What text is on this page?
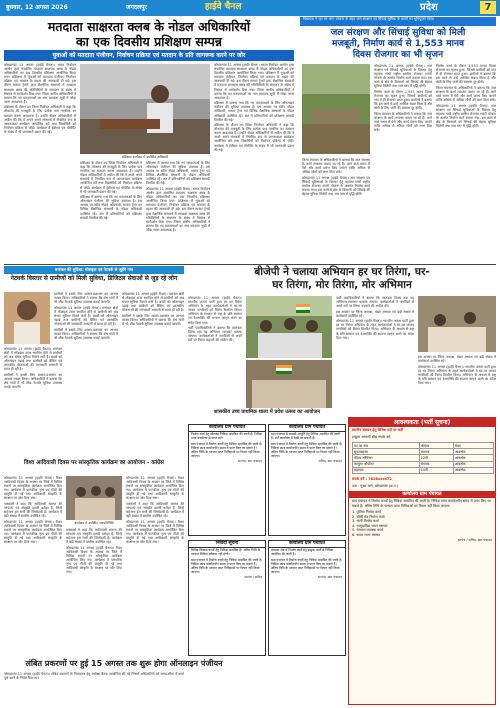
बुधवार, 12 अगस्त 2026	जगदलपुर	हाईवे चैनल	प्रदेश	7
मतदाता साक्षरता क्लब के नोडल अधिकारियों
का एक दिवसीय प्रशिक्षण सम्पन्न
युवाओं को मतदाता पंजीयन, निर्वाचन प्रक्रिया एवं मतदान के प्रति जागरूक करने पर जोर

कोण्डागांव 11 अगस्त (हाईवे चैनल)। भारत निर्वाचन आयोग द्वारा संचालित मतदाता साक्षरता क्लब के नोडल अधिकारियों का एक दिवसीय प्रशिक्षण आयोजित किया गया। प्रशिक्षण में युवाओं को मतदाता पंजीयन, निर्वाचन प्रक्रिया एवं मतदान के महत्व की जानकारी दी गई। इस दौरान मास्टर ट्रेनरों द्वारा शैक्षणिक संस्थानों में मतदाता साक्षरता क्लब की गतिविधियों के संचालन के संबंध में विस्तार से मार्गदर्शन दिया गया। जिला स्तरीय अधिकारियों ने बताया कि नए मतदाताओं का नाम मतदाता सूची में जोड़ा जाना आवश्यक है।

प्रशिक्षण के दौरान उप जिला निर्वाचन अधिकारी ने कहा कि लोकतंत्र की मजबूती के लिए प्रत्येक पात्र नागरिक का मतदान करना आवश्यक है। उन्होंने नोडल अधिकारियों से अपील की कि वे अपने अपने संस्थानों में नियमित रूप से जागरूकता कार्यक्रम आयोजित करें तथा विद्यार्थियों को निर्वाचन प्रक्रिया से जोड़ें। कार्यक्रम में ईवीएम एवं वीवीपैट के संबंध में भी जानकारी प्रदान की गई।

प्रशिक्षण कार्यक्रम में उपस्थित अधिकारी

प्रशिक्षण के दौरान उप जिला निर्वाचन अधिकारी ने कहा कि लोकतंत्र की मजबूती के लिए प्रत्येक पात्र नागरिक का मतदान करना आवश्यक है। उन्होंने नोडल अधिकारियों से अपील की कि वे अपने अपने संस्थानों में नियमित रूप से जागरूकता कार्यक्रम आयोजित करें तथा विद्यार्थियों को निर्वाचन प्रक्रिया से जोड़ें। कार्यक्रम में ईवीएम एवं वीवीपैट के संबंध में भी जानकारी प्रदान की गई।

प्रशिक्षण में बताया गया कि नए मतदाताओं के लिए ऑनलाइन पंजीयन की सुविधा उपलब्ध है। इस अवसर पर स्वीप नोडल अधिकारी, मास्टर ट्रेनर एवं विभिन्न शैक्षणिक संस्थानों के नोडल अधिकारी उपस्थित रहे। अंत में प्रतिभागियों को प्रशिक्षण सामग्री वितरित की गई।

प्रशिक्षण में बताया गया कि नए मतदाताओं के लिए ऑनलाइन पंजीयन की सुविधा उपलब्ध है। इस अवसर पर स्वीप नोडल अधिकारी, मास्टर ट्रेनर एवं विभिन्न शैक्षणिक संस्थानों के नोडल अधिकारी उपस्थित रहे। अंत में प्रतिभागियों को प्रशिक्षण सामग्री वितरित की गई।

कोण्डागांव 11 अगस्त (हाईवे चैनल)। भारत निर्वाचन आयोग द्वारा संचालित मतदाता साक्षरता क्लब के नोडल अधिकारियों का एक दिवसीय प्रशिक्षण आयोजित किया गया। प्रशिक्षण में युवाओं को मतदाता पंजीयन, निर्वाचन प्रक्रिया एवं मतदान के महत्व की जानकारी दी गई। इस दौरान मास्टर ट्रेनरों द्वारा शैक्षणिक संस्थानों में मतदाता साक्षरता क्लब की गतिविधियों के संचालन के संबंध में विस्तार से मार्गदर्शन दिया गया। जिला स्तरीय अधिकारियों ने बताया कि नए मतदाताओं का नाम मतदाता सूची में जोड़ा जाना आवश्यक है।

कोण्डागांव 11 अगस्त (हाईवे चैनल)। भारत निर्वाचन आयोग द्वारा संचालित मतदाता साक्षरता क्लब के नोडल अधिकारियों का एक दिवसीय प्रशिक्षण आयोजित किया गया। प्रशिक्षण में युवाओं को मतदाता पंजीयन, निर्वाचन प्रक्रिया एवं मतदान के महत्व की जानकारी दी गई। इस दौरान मास्टर ट्रेनरों द्वारा शैक्षणिक संस्थानों में मतदाता साक्षरता क्लब की गतिविधियों के संचालन के संबंध में विस्तार से मार्गदर्शन दिया गया। जिला स्तरीय अधिकारियों ने बताया कि नए मतदाताओं का नाम मतदाता सूची में जोड़ा जाना आवश्यक है।

प्रशिक्षण में बताया गया कि नए मतदाताओं के लिए ऑनलाइन पंजीयन की सुविधा उपलब्ध है। इस अवसर पर स्वीप नोडल अधिकारी, मास्टर ट्रेनर एवं विभिन्न शैक्षणिक संस्थानों के नोडल अधिकारी उपस्थित रहे। अंत में प्रतिभागियों को प्रशिक्षण सामग्री वितरित की गई।

प्रशिक्षण के दौरान उप जिला निर्वाचन अधिकारी ने कहा कि लोकतंत्र की मजबूती के लिए प्रत्येक पात्र नागरिक का मतदान करना आवश्यक है। उन्होंने नोडल अधिकारियों से अपील की कि वे अपने अपने संस्थानों में नियमित रूप से जागरूकता कार्यक्रम आयोजित करें तथा विद्यार्थियों को निर्वाचन प्रक्रिया से जोड़ें। कार्यक्रम में ईवीएम एवं वीवीपैट के संबंध में भी जानकारी प्रदान की गई।

विधायक ने 'हर घर जल' योजना के तहत जल संरक्षण एवं सिंचाई सुविधा के कार्यों का भूमिपूजन किया
जल संरक्षण और सिंचाई सुविधा को मिली
मजबूती, निर्माण कार्य से 1,553 मानव
दिवस रोजगार का भी सृजन

कोण्डागांव 11 अगस्त (हाईवे चैनल)। जल संरक्षण एवं सिंचाई सुविधाओं के विस्तार हेतु महात्मा गांधी राष्ट्रीय ग्रामीण रोजगार गारंटी योजना के अंतर्गत निर्माण कार्य कराया गया। इस कार्य से क्षेत्र के किसानों को सिंचाई की बेहतर सुविधा मिलेगी तथा जल स्तर में वृद्धि होगी।

निर्माण कार्य के दौरान 1,553 मानव दिवस रोजगार का सृजन हुआ, जिससे ग्रामीणों को गांव में ही रोजगार प्राप्त हुआ। ग्रामीणों ने बताया कि इस कार्य से उन्हें आर्थिक संबल मिला है और खेती के लिए पानी की समस्या दूर होगी।

जिला पंचायत के अधिकारियों ने बताया कि जल संरक्षण के कार्य लगातार कराए जा रहे हैं। आने वाले समय में ऐसे और कार्य प्रारंभ किए जाएंगे ताकि अधिक से अधिक लोगों को लाभ मिल सके।

निर्माण कार्य के दौरान 1,553 मानव दिवस रोजगार का सृजन हुआ, जिससे ग्रामीणों को गांव में ही रोजगार प्राप्त हुआ। ग्रामीणों ने बताया कि इस कार्य से उन्हें आर्थिक संबल मिला है और खेती के लिए पानी की समस्या दूर होगी।

जिला पंचायत के अधिकारियों ने बताया कि जल संरक्षण के कार्य लगातार कराए जा रहे हैं। आने वाले समय में ऐसे और कार्य प्रारंभ किए जाएंगे ताकि अधिक से अधिक लोगों को लाभ मिल सके।

कोण्डागांव 11 अगस्त (हाईवे चैनल)। जल संरक्षण एवं सिंचाई सुविधाओं के विस्तार हेतु महात्मा गांधी राष्ट्रीय ग्रामीण रोजगार गारंटी योजना के अंतर्गत निर्माण कार्य कराया गया। इस कार्य से क्षेत्र के किसानों को सिंचाई की बेहतर सुविधा मिलेगी तथा जल स्तर में वृद्धि होगी।

जिला पंचायत के अधिकारियों ने बताया कि जल संरक्षण के कार्य लगातार कराए जा रहे हैं। आने वाले समय में ऐसे और कार्य प्रारंभ किए जाएंगे ताकि अधिक से अधिक लोगों को लाभ मिल सके।

कोण्डागांव 11 अगस्त (हाईवे चैनल)। जल संरक्षण एवं सिंचाई सुविधाओं के विस्तार हेतु महात्मा गांधी राष्ट्रीय ग्रामीण रोजगार गारंटी योजना के अंतर्गत निर्माण कार्य कराया गया। इस कार्य से क्षेत्र के किसानों को सिंचाई की बेहतर सुविधा मिलेगी तथा जल स्तर में वृद्धि होगी।

वनांचल की सुविधा: मोबाइल एवं नेटवर्क से जुड़ेंगे गांव
नेटवर्क विस्तार से ग्रामीणों को मिली सुविधा, डिजिटल सेवाओं से जुड़ रहे लोग

कोण्डागांव 11 अगस्त (हाईवे चैनल)। वनांचल क्षेत्रों में मोबाइल टावर स्थापित होने से ग्रामीणों को अब संचार सुविधा मिलने लगी है। बच्चों को ऑनलाइन पढ़ाई तथा ग्रामीणों को बैंकिंग एवं शासकीय योजनाओं की जानकारी आसानी से प्राप्त हो रही है।

ग्रामीणों ने इसके लिए शासन-प्रशासन का आभार व्यक्त किया। अधिकारियों ने बताया कि शेष गांवों में भी शीघ्र नेटवर्क सुविधा उपलब्ध कराई जाएगी।

ग्रामीणों ने इसके लिए शासन-प्रशासन का आभार व्यक्त किया। अधिकारियों ने बताया कि शेष गांवों में भी शीघ्र नेटवर्क सुविधा उपलब्ध कराई जाएगी।

कोण्डागांव 11 अगस्त (हाईवे चैनल)। वनांचल क्षेत्रों में मोबाइल टावर स्थापित होने से ग्रामीणों को अब संचार सुविधा मिलने लगी है। बच्चों को ऑनलाइन पढ़ाई तथा ग्रामीणों को बैंकिंग एवं शासकीय योजनाओं की जानकारी आसानी से प्राप्त हो रही है।

ग्रामीणों ने इसके लिए शासन-प्रशासन का आभार व्यक्त किया। अधिकारियों ने बताया कि शेष गांवों में भी शीघ्र नेटवर्क सुविधा उपलब्ध कराई जाएगी।

कोण्डागांव 11 अगस्त (हाईवे चैनल)। वनांचल क्षेत्रों में मोबाइल टावर स्थापित होने से ग्रामीणों को अब संचार सुविधा मिलने लगी है। बच्चों को ऑनलाइन पढ़ाई तथा ग्रामीणों को बैंकिंग एवं शासकीय योजनाओं की जानकारी आसानी से प्राप्त हो रही है।

ग्रामीणों ने इसके लिए शासन-प्रशासन का आभार व्यक्त किया। अधिकारियों ने बताया कि शेष गांवों में भी शीघ्र नेटवर्क सुविधा उपलब्ध कराई जाएगी।

विश्व आदिवासी दिवस पर सांस्कृतिक कार्यक्रम का आयोजन - कांग्रेस

कोण्डागांव 11 अगस्त (हाईवे चैनल)। विश्व आदिवासी दिवस के अवसर पर जिले में विभिन्न स्थानों पर सांस्कृतिक कार्यक्रम आयोजित किए गए। कार्यक्रम में पारंपरिक नृत्य एवं गीतों की प्रस्तुति दी गई तथा आदिवासी संस्कृति के संरक्षण पर जोर दिया गया।

वक्ताओं ने कहा कि आदिवासी समाज की परंपराएं एवं संस्कृति हमारी धरोहर हैं, जिन्हें सहेजना हम सभी की जिम्मेदारी है। कार्यक्रम में बड़ी संख्या में ग्रामीण उपस्थित रहे।

कोण्डागांव 11 अगस्त (हाईवे चैनल)। विश्व आदिवासी दिवस के अवसर पर जिले में विभिन्न स्थानों पर सांस्कृतिक कार्यक्रम आयोजित किए गए। कार्यक्रम में पारंपरिक नृत्य एवं गीतों की प्रस्तुति दी गई तथा आदिवासी संस्कृति के संरक्षण पर जोर दिया गया।

कार्यक्रम में उपस्थित जनप्रतिनिधि

वक्ताओं ने कहा कि आदिवासी समाज की परंपराएं एवं संस्कृति हमारी धरोहर हैं, जिन्हें सहेजना हम सभी की जिम्मेदारी है। कार्यक्रम में बड़ी संख्या में ग्रामीण उपस्थित रहे।

कोण्डागांव 11 अगस्त (हाईवे चैनल)। विश्व आदिवासी दिवस के अवसर पर जिले में विभिन्न स्थानों पर सांस्कृतिक कार्यक्रम आयोजित किए गए। कार्यक्रम में पारंपरिक नृत्य एवं गीतों की प्रस्तुति दी गई तथा आदिवासी संस्कृति के संरक्षण पर जोर दिया गया।

कोण्डागांव 11 अगस्त (हाईवे चैनल)। विश्व आदिवासी दिवस के अवसर पर जिले में विभिन्न स्थानों पर सांस्कृतिक कार्यक्रम आयोजित किए गए। कार्यक्रम में पारंपरिक नृत्य एवं गीतों की प्रस्तुति दी गई तथा आदिवासी संस्कृति के संरक्षण पर जोर दिया गया।

वक्ताओं ने कहा कि आदिवासी समाज की परंपराएं एवं संस्कृति हमारी धरोहर हैं, जिन्हें सहेजना हम सभी की जिम्मेदारी है। कार्यक्रम में बड़ी संख्या में ग्रामीण उपस्थित रहे।

कोण्डागांव 11 अगस्त (हाईवे चैनल)। विश्व आदिवासी दिवस के अवसर पर जिले में विभिन्न स्थानों पर सांस्कृतिक कार्यक्रम आयोजित किए गए। कार्यक्रम में पारंपरिक नृत्य एवं गीतों की प्रस्तुति दी गई तथा आदिवासी संस्कृति के संरक्षण पर जोर दिया गया।

बीजेपी ने चलाया अभियान हर घर तिरंगा, घर-
घर तिरंगा, मोर तिरंगा, मोर अभिमान

कोण्डागांव 11 अगस्त (हाईवे चैनल)। भारतीय जनता पार्टी द्वारा हर घर तिरंगा अभियान के तहत कार्यकर्ताओं ने घर-घर जाकर नागरिकों को तिरंगा वितरित किया। अभियान के माध्यम से राष्ट्र के प्रति सम्मान एवं देशभक्ति की भावना जागृत करने का संदेश दिया गया।

पार्टी पदाधिकारियों ने बताया कि स्वतंत्रता दिवस तक यह अभियान लगातार चलाया जाएगा। कार्यकर्ताओं ने नागरिकों से अपने घरों पर तिरंगा फहराने की अपील की।

पार्टी पदाधिकारियों ने बताया कि स्वतंत्रता दिवस तक यह अभियान लगातार चलाया जाएगा। कार्यकर्ताओं ने नागरिकों से अपने घरों पर तिरंगा फहराने की अपील की।

इस अवसर पर जिला अध्यक्ष, मंडल अध्यक्ष एवं बड़ी संख्या में कार्यकर्ता उपस्थित रहे।

कोण्डागांव 11 अगस्त (हाईवे चैनल)। भारतीय जनता पार्टी द्वारा हर घर तिरंगा अभियान के तहत कार्यकर्ताओं ने घर-घर जाकर नागरिकों को तिरंगा वितरित किया। अभियान के माध्यम से राष्ट्र के प्रति सम्मान एवं देशभक्ति की भावना जागृत करने का संदेश दिया गया।

इस अवसर पर जिला अध्यक्ष, मंडल अध्यक्ष एवं बड़ी संख्या में कार्यकर्ता उपस्थित रहे।

कोण्डागांव 11 अगस्त (हाईवे चैनल)। भारतीय जनता पार्टी द्वारा हर घर तिरंगा अभियान के तहत कार्यकर्ताओं ने घर-घर जाकर नागरिकों को तिरंगा वितरित किया। अभियान के माध्यम से राष्ट्र के प्रति सम्मान एवं देशभक्ति की भावना जागृत करने का संदेश दिया गया।

शासकीय उच्च प्राथमिक शाला में प्रवेश उत्सव का आयोजन
कार्यालय ग्राम पंचायत
निर्माण कार्य हेतु सीलबंद निविदा आमंत्रित की जाती है। निविदा प्रपत्र कार्यालय से प्राप्त करें।
ग्राम पंचायत में निर्माण कार्यों हेतु निविदा आमंत्रित की जाती है। निविदा प्रपत्र कार्यालयीन समय में प्राप्त किए जा सकते हैं। अंतिम तिथि के पश्चात प्राप्त निविदाओं पर विचार नहीं किया जाएगा।
सरपंच, ग्राम पंचायत
कार्यालय ग्राम पंचायत
ग्राम पंचायत में सामग्री आपूर्ति हेतु निविदा आमंत्रित की जाती है। शर्तें कार्यालय में देखी जा सकती हैं।
ग्राम पंचायत में निर्माण कार्यों हेतु निविदा आमंत्रित की जाती है। निविदा प्रपत्र कार्यालयीन समय में प्राप्त किए जा सकते हैं। अंतिम तिथि के पश्चात प्राप्त निविदाओं पर विचार नहीं किया जाएगा।
सचिव, ग्राम पंचायत
निविदा सूचना
विभिन्न विकास कार्यों हेतु निविदा आमंत्रित है। अंतिम तिथि के पश्चात निविदा स्वीकार नहीं होगी।
ग्राम पंचायत में निर्माण कार्यों हेतु निविदा आमंत्रित की जाती है। निविदा प्रपत्र कार्यालयीन समय में प्राप्त किए जा सकते हैं। अंतिम तिथि के पश्चात प्राप्त निविदाओं पर विचार नहीं किया जाएगा।
सरपंच / सचिव
कार्यालय ग्राम पंचायत
पंचायत क्षेत्र में निर्माण कार्य हेतु इच्छुक फर्मों से निविदा आमंत्रित की जाती है।
ग्राम पंचायत में निर्माण कार्यों हेतु निविदा आमंत्रित की जाती है। निविदा प्रपत्र कार्यालयीन समय में प्राप्त किए जा सकते हैं। अंतिम तिथि के पश्चात प्राप्त निविदाओं पर विचार नहीं किया जाएगा।
सरपंच, ग्राम पंचायत
आवश्यकता (भर्ती सूचना)
स्थानीय संस्थान हेतु विभिन्न पदों पर भर्ती
इच्छुक अभ्यर्थी शीघ्र संपर्क करें
पद का नाम	योग्यता	वेतन
सुपरवाइजर	स्नातक	आकर्षक
फील्ड ऑफिसर	12वीं	आकर्षक
कंप्यूटर ऑपरेटर	स्नातक	आकर्षक
सहायक	10वीं	आकर्षक
संपर्क करें : 7828xxxx72
पता : मुख्य मार्ग, कोण्डागांव (छ.ग.)
कार्यालय ग्राम पंचायत
ग्राम पंचायत में निर्माण कार्यों हेतु निविदा आमंत्रित की जाती है। निविदा प्रपत्र कार्यालयीन समय में प्राप्त किए जा सकते हैं। अंतिम तिथि के पश्चात प्राप्त निविदाओं पर विचार नहीं किया जाएगा।
1. पुलिया निर्माण कार्य
2. सीसी रोड निर्माण कार्य
3. नाली निर्माण कार्य
4. सामुदायिक भवन मरम्मत
5. पेयजल व्यवस्था कार्य
6. शाला भवन मरम्मत
सरपंच / सचिव, ग्राम पंचायत
लंबित प्रकरणों पर हुई 15 अगस्त तक शुरू होगा ऑनलाइन पंजीयन

कोण्डागांव 11 अगस्त (हाईवे चैनल)। लंबित प्रकरणों के निराकरण हेतु समीक्षा बैठक आयोजित की गई जिसमें अधिकारियों को समय-सीमा में कार्य पूर्ण करने के निर्देश दिए गए।
